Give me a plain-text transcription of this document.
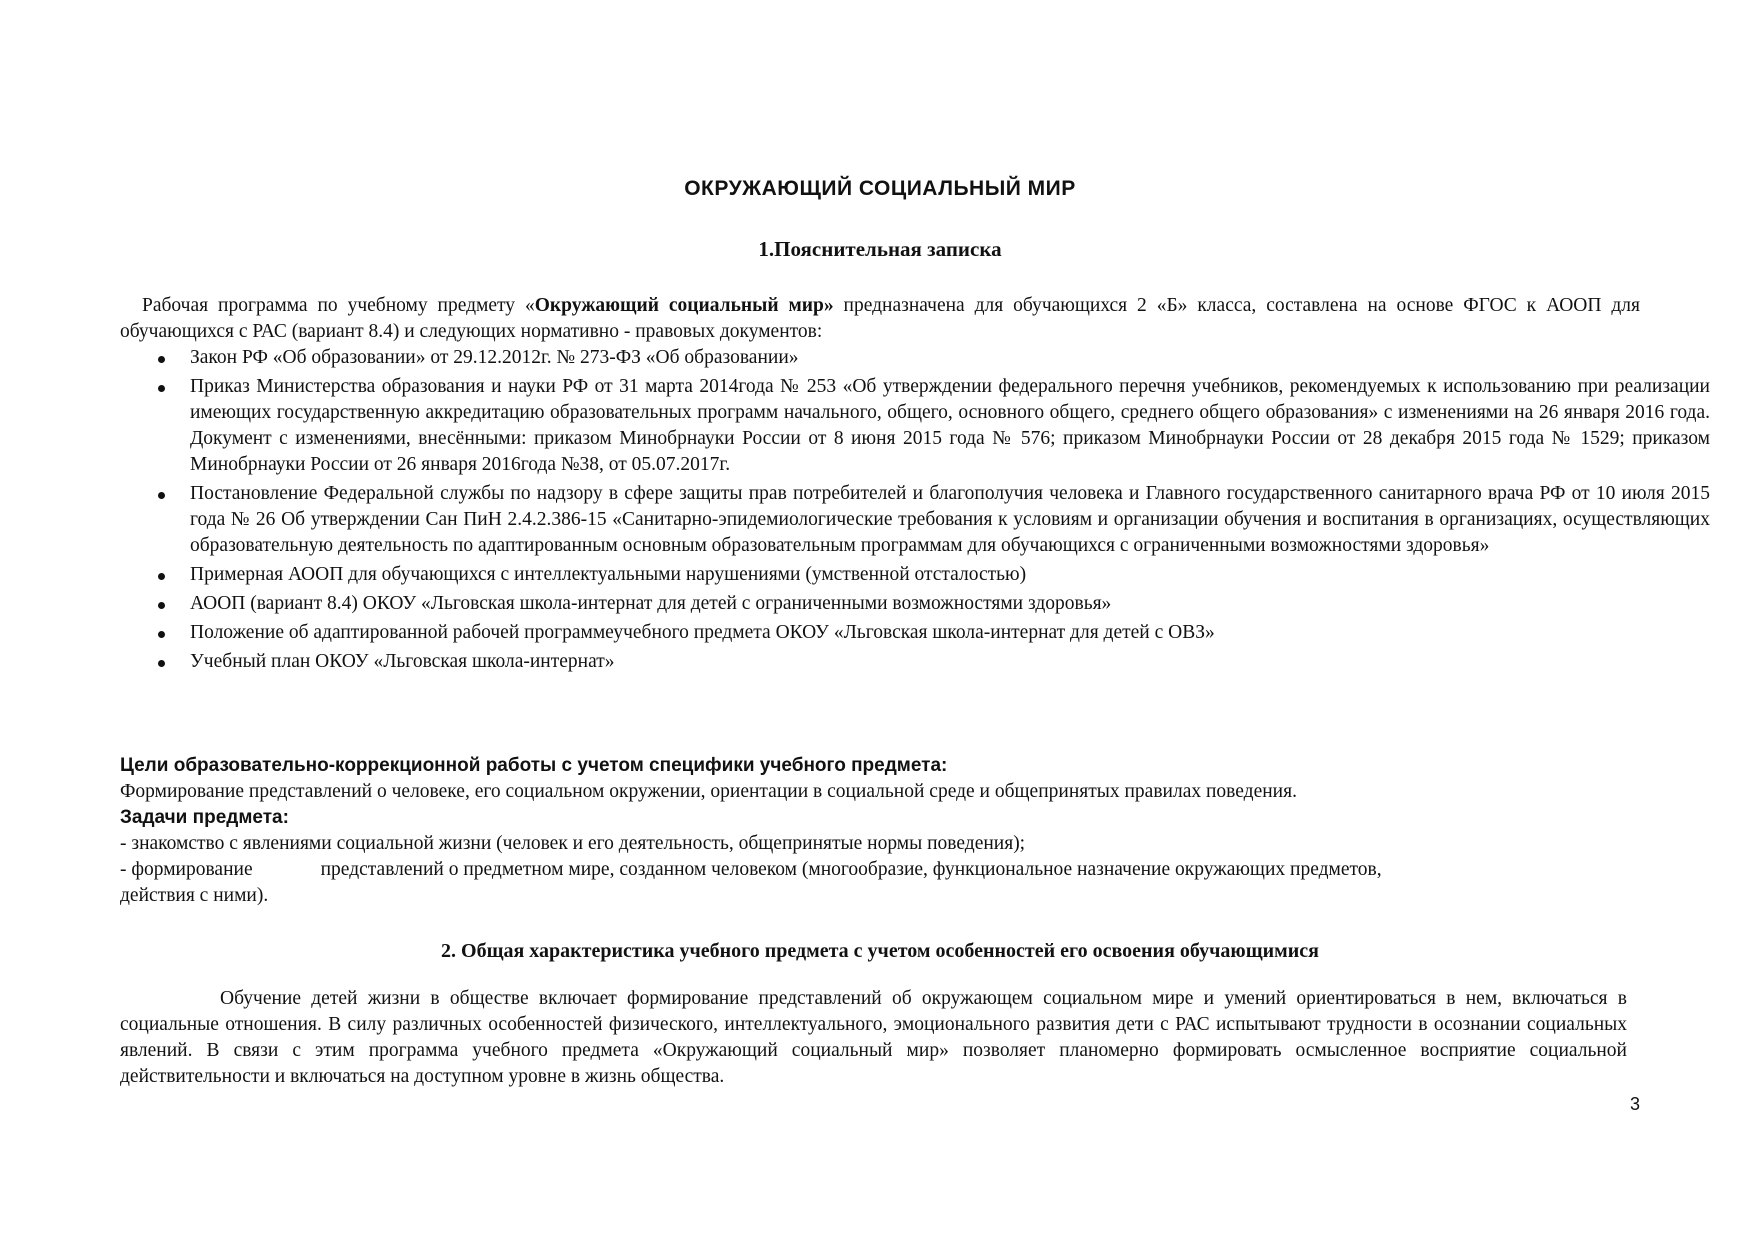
ОКРУЖАЮЩИЙ СОЦИАЛЬНЫЙ МИР
1.Пояснительная записка

Рабочая программа по учебному предмету «Окружающий социальный мир» предназначена для обучающихся 2 «Б» класса, составлена на основе ФГОС к АООП для обучающихся с РАС (вариант 8.4) и следующих нормативно - правовых документов:

Закон РФ «Об образовании» от 29.12.2012г. № 273-ФЗ «Об образовании»
Приказ Министерства образования и науки РФ от 31 марта 2014года № 253 «Об утверждении федерального перечня учебников, рекомендуемых к использованию при реализации имеющих государственную аккредитацию образовательных программ начального, общего, основного общего, среднего общего образования» с изменениями на 26 января 2016 года. Документ с изменениями, внесёнными: приказом Минобрнауки России от 8 июня 2015 года № 576; приказом Минобрнауки России от 28 декабря 2015 года № 1529; приказом Минобрнауки России от 26 января 2016года №38, от 05.07.2017г.
Постановление Федеральной службы по надзору в сфере защиты прав потребителей и благополучия человека и Главного государственного санитарного врача РФ от 10 июля 2015 года № 26 Об утверждении Сан ПиН 2.4.2.386-15 «Санитарно-эпидемиологические требования к условиям и организации обучения и воспитания в организациях, осуществляющих образовательную деятельность по адаптированным основным образовательным программам для обучающихся с ограниченными возможностями здоровья»
Примерная АООП для обучающихся с интеллектуальными нарушениями (умственной отсталостью)
АООП (вариант 8.4) ОКОУ «Льговская школа-интернат для детей с ограниченными возможностями здоровья»
Положение об адаптированной рабочей программеучебного предмета ОКОУ «Льговская школа-интернат для детей с ОВЗ»
Учебный план ОКОУ «Льговская школа-интернат»
Цели образовательно-коррекционной работы с учетом специфики учебного предмета:
Формирование представлений о человеке, его социальном окружении, ориентации в социальной среде и общепринятых правилах поведения.
Задачи предмета:
- знакомство с явлениями социальной жизни (человек и его деятельность, общепринятые нормы поведения);
- формирование	представлений о предметном мире, созданном человеком (многообразие, функциональное назначение окружающих предметов,
действия с ними).
2. Общая характеристика учебного предмета с учетом особенностей его освоения обучающимися

Обучение детей жизни в обществе включает формирование представлений об окружающем социальном мире и умений ориентироваться в нем, включаться в социальные отношения. В силу различных особенностей физического, интеллектуального, эмоционального развития дети с РАС испытывают трудности в осознании социальных явлений. В связи с этим программа учебного предмета «Окружающий социальный мир» позволяет планомерно формировать осмысленное восприятие социальной действительности и включаться на доступном уровне в жизнь общества.

3
